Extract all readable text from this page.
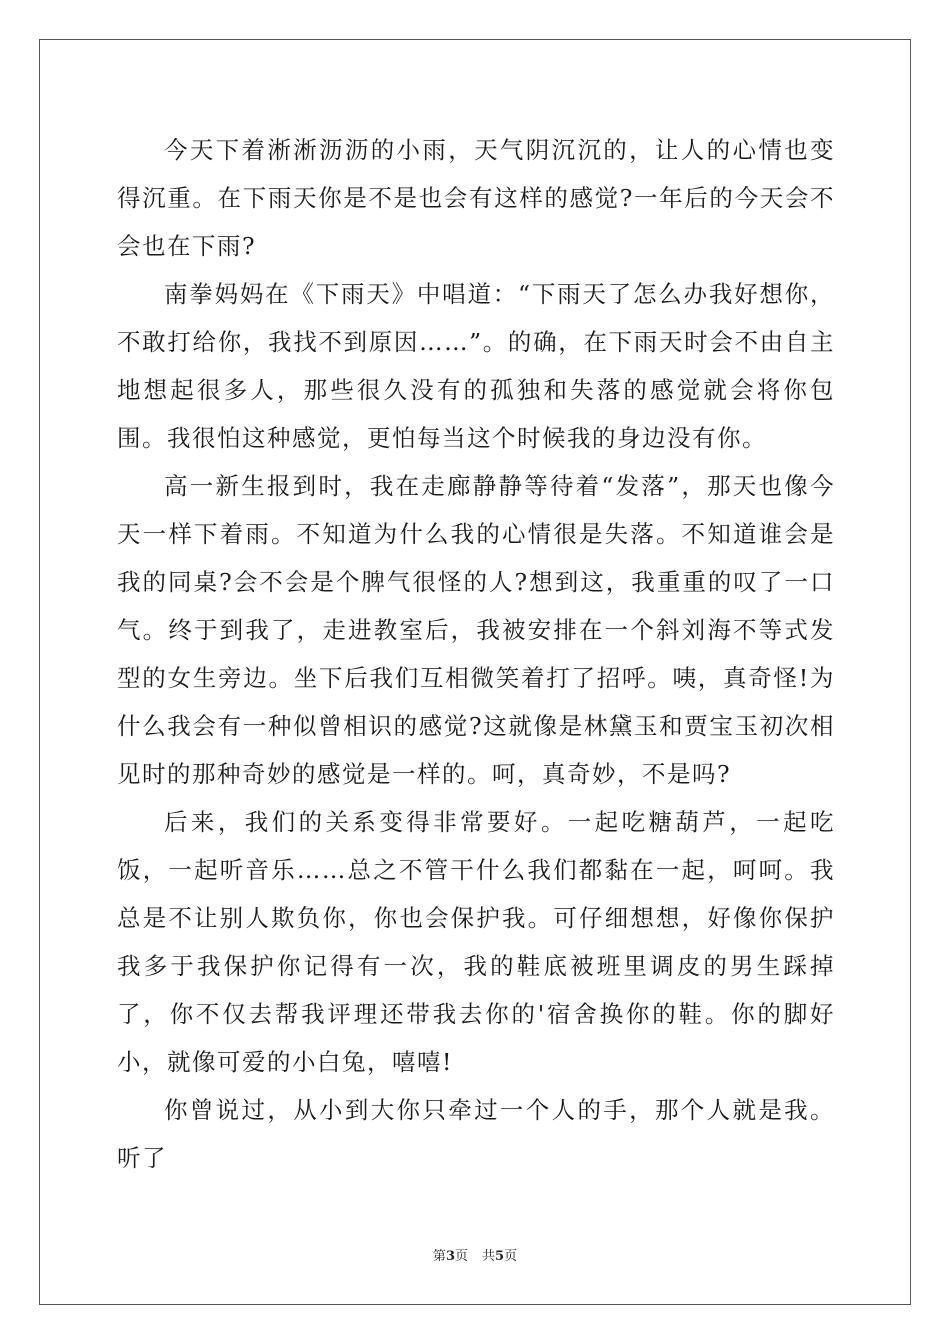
今天下着淅淅沥沥的小雨，天气阴沉沉的，让人的心情也变得沉重。在下雨天你是不是也会有这样的感觉?一年后的今天会不会也在下雨?

南拳妈妈在《下雨天》中唱道：“下雨天了怎么办我好想你，不敢打给你，我找不到原因……”。的确，在下雨天时会不由自主地想起很多人，那些很久没有的孤独和失落的感觉就会将你包围。我很怕这种感觉，更怕每当这个时候我的身边没有你。

高一新生报到时，我在走廊静静等待着“发落”，那天也像今天一样下着雨。不知道为什么我的心情很是失落。不知道谁会是我的同桌?会不会是个脾气很怪的人?想到这，我重重的叹了一口气。终于到我了，走进教室后，我被安排在一个斜刘海不等式发型的女生旁边。坐下后我们互相微笑着打了招呼。咦，真奇怪!为什么我会有一种似曾相识的感觉?这就像是林黛玉和贾宝玉初次相见时的那种奇妙的感觉是一样的。呵，真奇妙，不是吗?

后来，我们的关系变得非常要好。一起吃糖葫芦，一起吃饭，一起听音乐……总之不管干什么我们都黏在一起，呵呵。我总是不让别人欺负你，你也会保护我。可仔细想想，好像你保护我多于我保护你记得有一次，我的鞋底被班里调皮的男生踩掉了，你不仅去帮我评理还带我去你的'宿舍换你的鞋。你的脚好小，就像可爱的小白兔，嘻嘻!

你曾说过，从小到大你只牵过一个人的手，那个人就是我。听了

第3页 共5页
